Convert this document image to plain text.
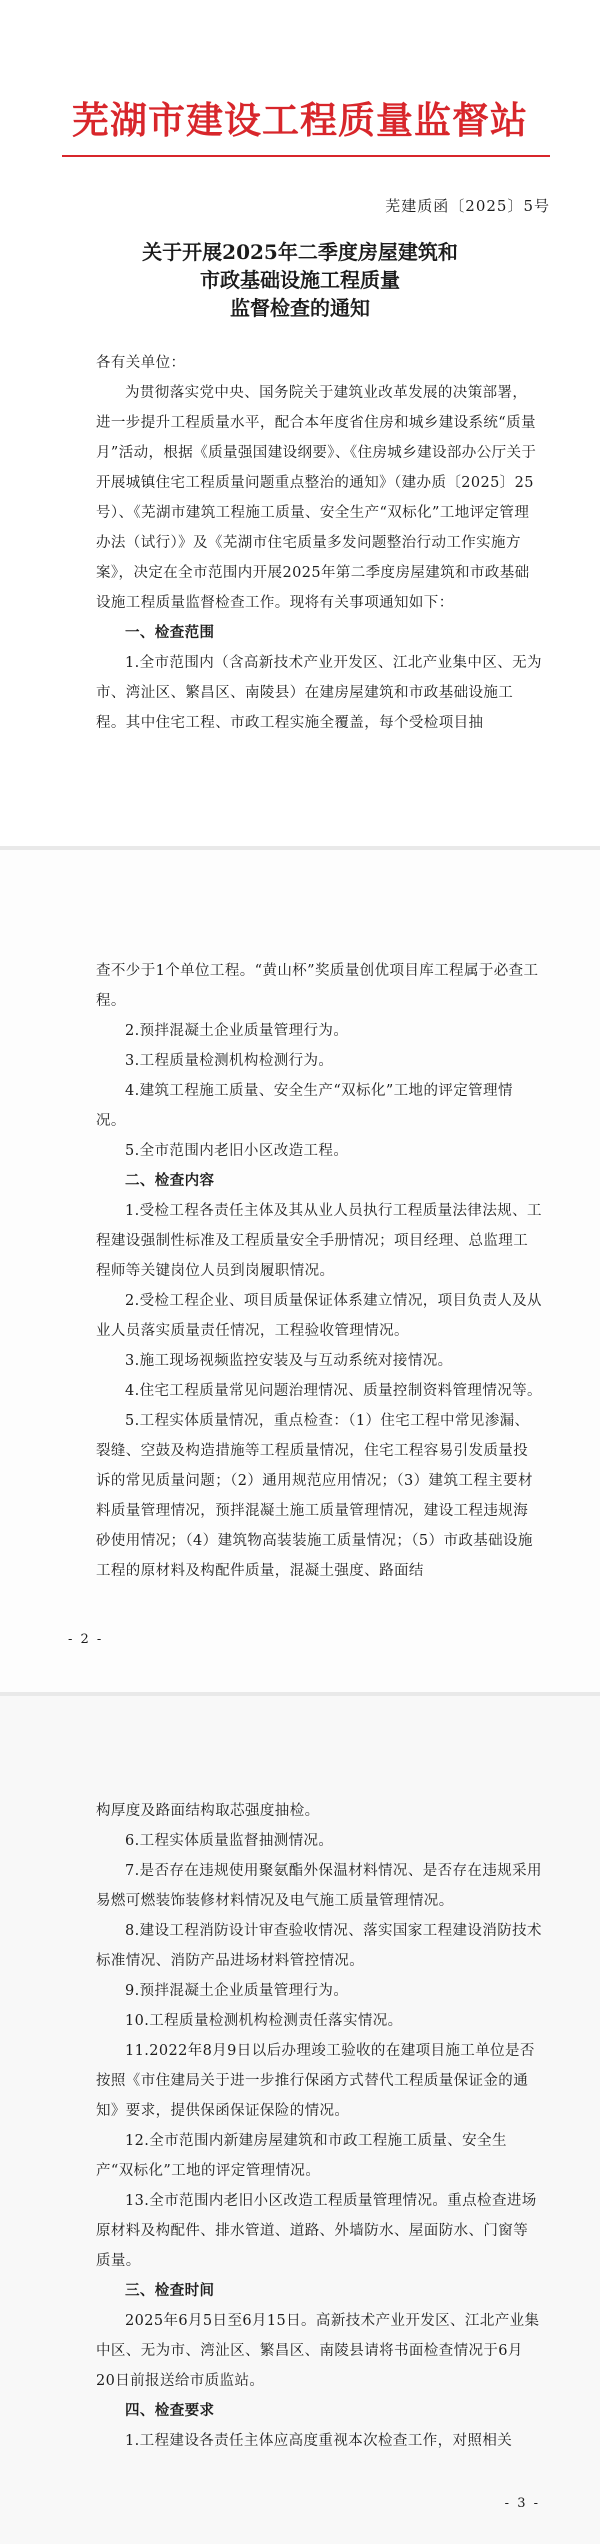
芜湖市建设工程质量监督站
芜建质函〔2025〕5号
关于开展2025年二季度房屋建筑和
市政基础设施工程质量
监督检查的通知

各有关单位：

为贯彻落实党中央、国务院关于建筑业改革发展的决策部署，进一步提升工程质量水平，配合本年度省住房和城乡建设系统“质量月”活动，根据《质量强国建设纲要》、《住房城乡建设部办公厅关于开展城镇住宅工程质量问题重点整治的通知》（建办质〔2025〕25号）、《芜湖市建筑工程施工质量、安全生产“双标化”工地评定管理办法（试行）》及《芜湖市住宅质量多发问题整治行动工作实施方案》，决定在全市范围内开展2025年第二季度房屋建筑和市政基础设施工程质量监督检查工作。现将有关事项通知如下：

一、检查范围

1.全市范围内（含高新技术产业开发区、江北产业集中区、无为市、湾沚区、繁昌区、南陵县）在建房屋建筑和市政基础设施工程。其中住宅工程、市政工程实施全覆盖，每个受检项目抽

查不少于1个单位工程。“黄山杯”奖质量创优项目库工程属于必查工程。

2.预拌混凝土企业质量管理行为。

3.工程质量检测机构检测行为。

4.建筑工程施工质量、安全生产“双标化”工地的评定管理情况。

5.全市范围内老旧小区改造工程。

二、检查内容

1.受检工程各责任主体及其从业人员执行工程质量法律法规、工程建设强制性标准及工程质量安全手册情况；项目经理、总监理工程师等关键岗位人员到岗履职情况。

2.受检工程企业、项目质量保证体系建立情况，项目负责人及从业人员落实质量责任情况，工程验收管理情况。

3.施工现场视频监控安装及与互动系统对接情况。

4.住宅工程质量常见问题治理情况、质量控制资料管理情况等。

5.工程实体质量情况，重点检查：（1）住宅工程中常见渗漏、裂缝、空鼓及构造措施等工程质量情况，住宅工程容易引发质量投诉的常见质量问题；（2）通用规范应用情况；（3）建筑工程主要材料质量管理情况，预拌混凝土施工质量管理情况，建设工程违规海砂使用情况；（4）建筑物高装装施工质量情况；（5）市政基础设施工程的原材料及构配件质量，混凝土强度、路面结

- 2 -

构厚度及路面结构取芯强度抽检。

6.工程实体质量监督抽测情况。

7.是否存在违规使用聚氨酯外保温材料情况、是否存在违规采用易燃可燃装饰装修材料情况及电气施工质量管理情况。

8.建设工程消防设计审查验收情况、落实国家工程建设消防技术标准情况、消防产品进场材料管控情况。

9.预拌混凝土企业质量管理行为。

10.工程质量检测机构检测责任落实情况。

11.2022年8月9日以后办理竣工验收的在建项目施工单位是否按照《市住建局关于进一步推行保函方式替代工程质量保证金的通知》要求，提供保函保证保险的情况。

12.全市范围内新建房屋建筑和市政工程施工质量、安全生产“双标化”工地的评定管理情况。

13.全市范围内老旧小区改造工程质量管理情况。重点检查进场原材料及构配件、排水管道、道路、外墙防水、屋面防水、门窗等质量。

三、检查时间

2025年6月5日至6月15日。高新技术产业开发区、江北产业集中区、无为市、湾沚区、繁昌区、南陵县请将书面检查情况于6月20日前报送给市质监站。

四、检查要求

1.工程建设各责任主体应高度重视本次检查工作，对照相关

- 3 -
